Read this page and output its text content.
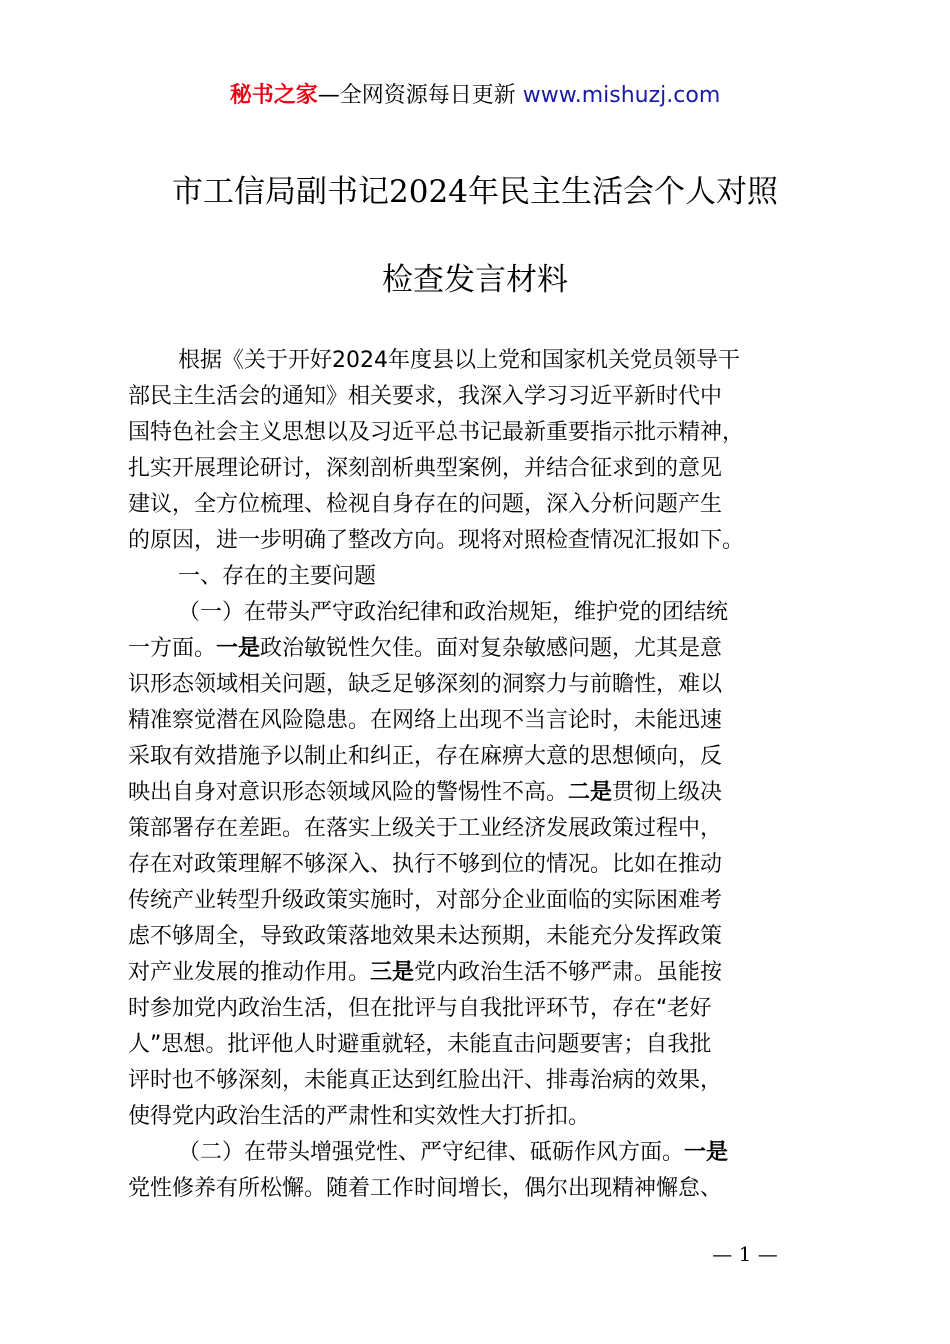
秘书之家—全网资源每日更新 www.mishuzj.com
市工信局副书记2024年民主生活会个人对照
检查发言材料
根据《关于开好2024年度县以上党和国家机关党员领导干
部民主生活会的通知》相关要求，我深入学习习近平新时代中
国特色社会主义思想以及习近平总书记最新重要指示批示精神，
扎实开展理论研讨，深刻剖析典型案例，并结合征求到的意见
建议，全方位梳理、检视自身存在的问题，深入分析问题产生
的原因，进一步明确了整改方向。现将对照检查情况汇报如下。
一、存在的主要问题
（一）在带头严守政治纪律和政治规矩，维护党的团结统
一方面。一是政治敏锐性欠佳。面对复杂敏感问题，尤其是意
识形态领域相关问题，缺乏足够深刻的洞察力与前瞻性，难以
精准察觉潜在风险隐患。在网络上出现不当言论时，未能迅速
采取有效措施予以制止和纠正，存在麻痹大意的思想倾向，反
映出自身对意识形态领域风险的警惕性不高。二是贯彻上级决
策部署存在差距。在落实上级关于工业经济发展政策过程中，
存在对政策理解不够深入、执行不够到位的情况。比如在推动
传统产业转型升级政策实施时，对部分企业面临的实际困难考
虑不够周全，导致政策落地效果未达预期，未能充分发挥政策
对产业发展的推动作用。三是党内政治生活不够严肃。虽能按
时参加党内政治生活，但在批评与自我批评环节，存在“老好
人”思想。批评他人时避重就轻，未能直击问题要害；自我批
评时也不够深刻，未能真正达到红脸出汗、排毒治病的效果，
使得党内政治生活的严肃性和实效性大打折扣。
（二）在带头增强党性、严守纪律、砥砺作风方面。一是
党性修养有所松懈。随着工作时间增长，偶尔出现精神懈怠、
— 1 —
